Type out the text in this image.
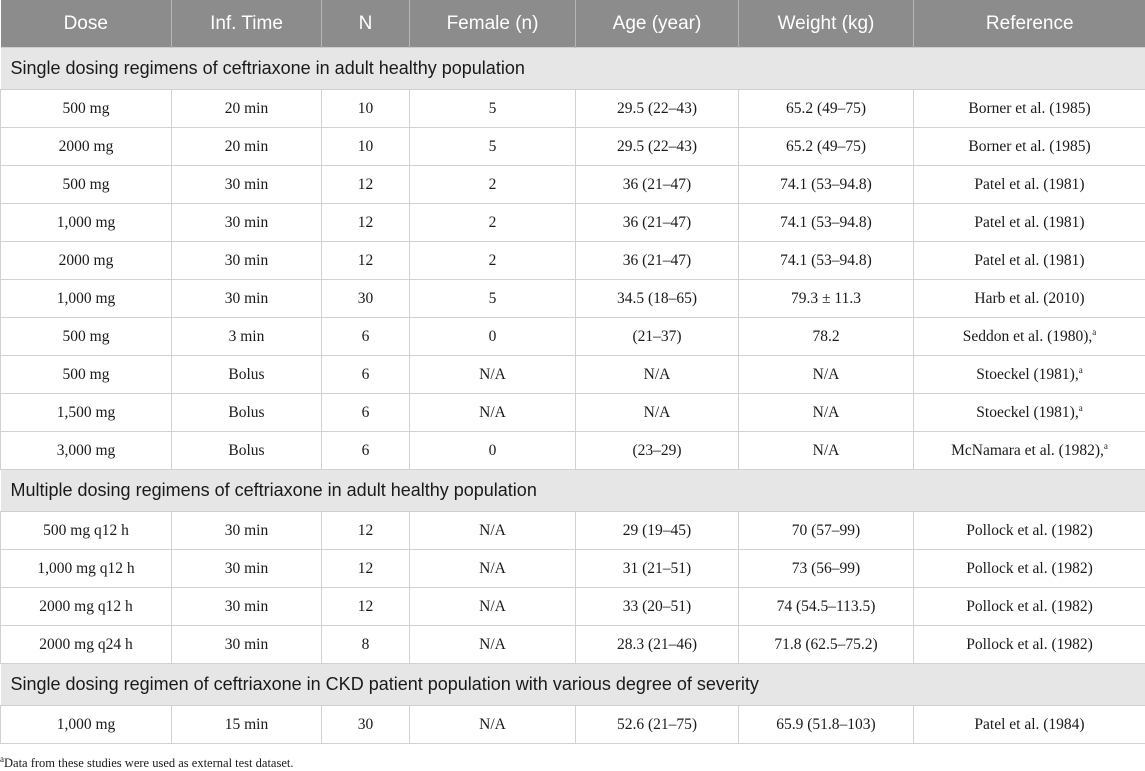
Dose	Inf. Time	N	Female (n)	Age (year)	Weight (kg)	Reference
Single dosing regimens of ceftriaxone in adult healthy population						
500 mg	20 min	10	5	29.5 (22–43)	65.2 (49–75)	Borner et al. (1985)
2000 mg	20 min	10	5	29.5 (22–43)	65.2 (49–75)	Borner et al. (1985)
500 mg	30 min	12	2	36 (21–47)	74.1 (53–94.8)	Patel et al. (1981)
1,000 mg	30 min	12	2	36 (21–47)	74.1 (53–94.8)	Patel et al. (1981)
2000 mg	30 min	12	2	36 (21–47)	74.1 (53–94.8)	Patel et al. (1981)
1,000 mg	30 min	30	5	34.5 (18–65)	79.3 ± 11.3	Harb et al. (2010)
500 mg	3 min	6	0	(21–37)	78.2	Seddon et al. (1980),$^a$
500 mg	Bolus	6	N/A	N/A	N/A	Stoeckel (1981),$^a$
1,500 mg	Bolus	6	N/A	N/A	N/A	Stoeckel (1981),$^a$
3,000 mg	Bolus	6	0	(23–29)	N/A	McNamara et al. (1982),$^a$
Multiple dosing regimens of ceftriaxone in adult healthy population						
500 mg q12 h	30 min	12	N/A	29 (19–45)	70 (57–99)	Pollock et al. (1982)
1,000 mg q12 h	30 min	12	N/A	31 (21–51)	73 (56–99)	Pollock et al. (1982)
2000 mg q12 h	30 min	12	N/A	33 (20–51)	74 (54.5–113.5)	Pollock et al. (1982)
2000 mg q24 h	30 min	8	N/A	28.3 (21–46)	71.8 (62.5–75.2)	Pollock et al. (1982)
Single dosing regimen of ceftriaxone in CKD patient population with various degree of severity						
1,000 mg	15 min	30	N/A	52.6 (21–75)	65.9 (51.8–103)	Patel et al. (1984)
$^a$Data from these studies were used as external test dataset.
